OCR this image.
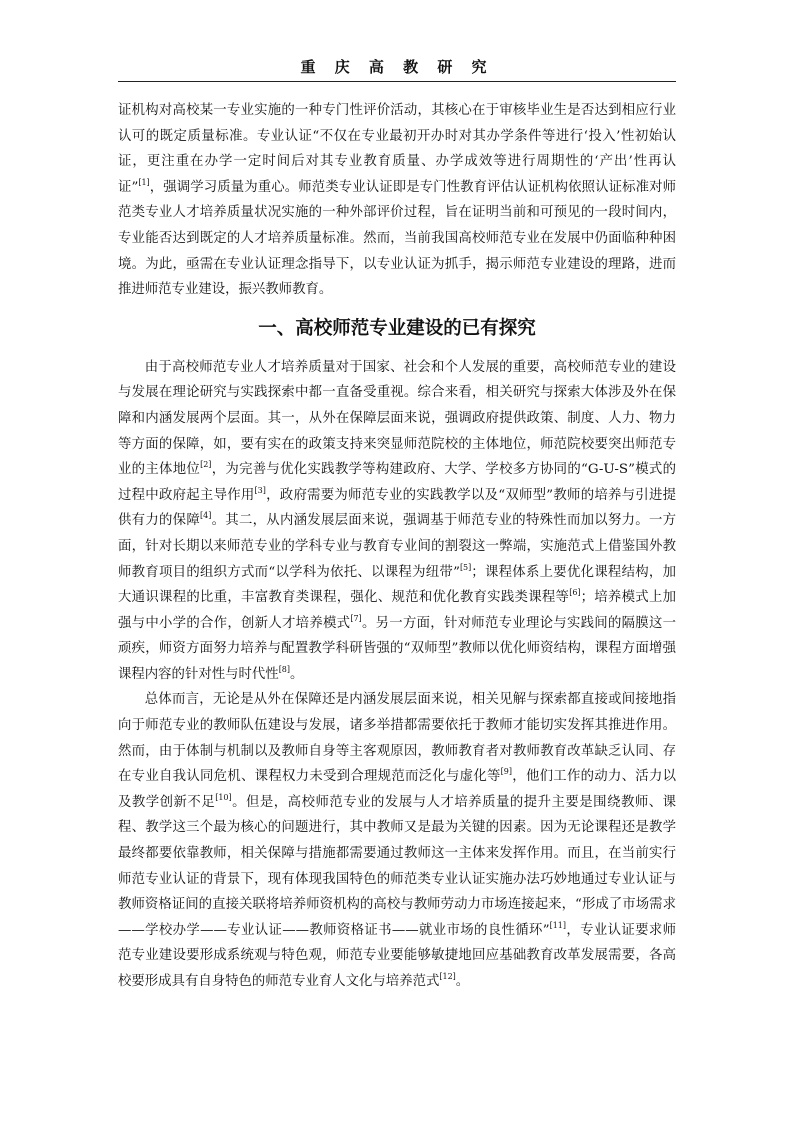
重 庆 高 教 研 究

证机构对高校某一专业实施的一种专门性评价活动，其核心在于审核毕业生是否达到相应行业认可的既定质量标准。专业认证“不仅在专业最初开办时对其办学条件等进行‘投入’性初始认证，更注重在办学一定时间后对其专业教育质量、办学成效等进行周期性的‘产出’性再认证”[1]，强调学习质量为重心。师范类专业认证即是专门性教育评估认证机构依照认证标准对师范类专业人才培养质量状况实施的一种外部评价过程，旨在证明当前和可预见的一段时间内，专业能否达到既定的人才培养质量标准。然而，当前我国高校师范专业在发展中仍面临种种困境。为此，亟需在专业认证理念指导下，以专业认证为抓手，揭示师范专业建设的理路，进而推进师范专业建设，振兴教师教育。

一、高校师范专业建设的已有探究

由于高校师范专业人才培养质量对于国家、社会和个人发展的重要，高校师范专业的建设与发展在理论研究与实践探索中都一直备受重视。综合来看，相关研究与探索大体涉及外在保障和内涵发展两个层面。其一，从外在保障层面来说，强调政府提供政策、制度、人力、物力等方面的保障，如，要有实在的政策支持来突显师范院校的主体地位，师范院校要突出师范专业的主体地位[2]，为完善与优化实践教学等构建政府、大学、学校多方协同的“G-U-S”模式的过程中政府起主导作用[3]，政府需要为师范专业的实践教学以及“双师型”教师的培养与引进提供有力的保障[4]。其二，从内涵发展层面来说，强调基于师范专业的特殊性而加以努力。一方面，针对长期以来师范专业的学科专业与教育专业间的割裂这一弊端，实施范式上借鉴国外教师教育项目的组织方式而“以学科为依托、以课程为纽带”[5]；课程体系上要优化课程结构，加大通识课程的比重，丰富教育类课程，强化、规范和优化教育实践类课程等[6]；培养模式上加强与中小学的合作，创新人才培养模式[7]。另一方面，针对师范专业理论与实践间的隔膜这一顽疾，师资方面努力培养与配置教学科研皆强的“双师型”教师以优化师资结构，课程方面增强课程内容的针对性与时代性[8]。

总体而言，无论是从外在保障还是内涵发展层面来说，相关见解与探索都直接或间接地指向于师范专业的教师队伍建设与发展，诸多举措都需要依托于教师才能切实发挥其推进作用。然而，由于体制与机制以及教师自身等主客观原因，教师教育者对教师教育改革缺乏认同、存在专业自我认同危机、课程权力未受到合理规范而泛化与虚化等[9]，他们工作的动力、活力以及教学创新不足[10]。但是，高校师范专业的发展与人才培养质量的提升主要是围绕教师、课程、教学这三个最为核心的问题进行，其中教师又是最为关键的因素。因为无论课程还是教学最终都要依靠教师，相关保障与措施都需要通过教师这一主体来发挥作用。而且，在当前实行师范专业认证的背景下，现有体现我国特色的师范类专业认证实施办法巧妙地通过专业认证与教师资格证间的直接关联将培养师资机构的高校与教师劳动力市场连接起来，“形成了市场需求——学校办学——专业认证——教师资格证书——就业市场的良性循环”[11]，专业认证要求师范专业建设要形成系统观与特色观，师范专业要能够敏捷地回应基础教育改革发展需要，各高校要形成具有自身特色的师范专业育人文化与培养范式[12]。
